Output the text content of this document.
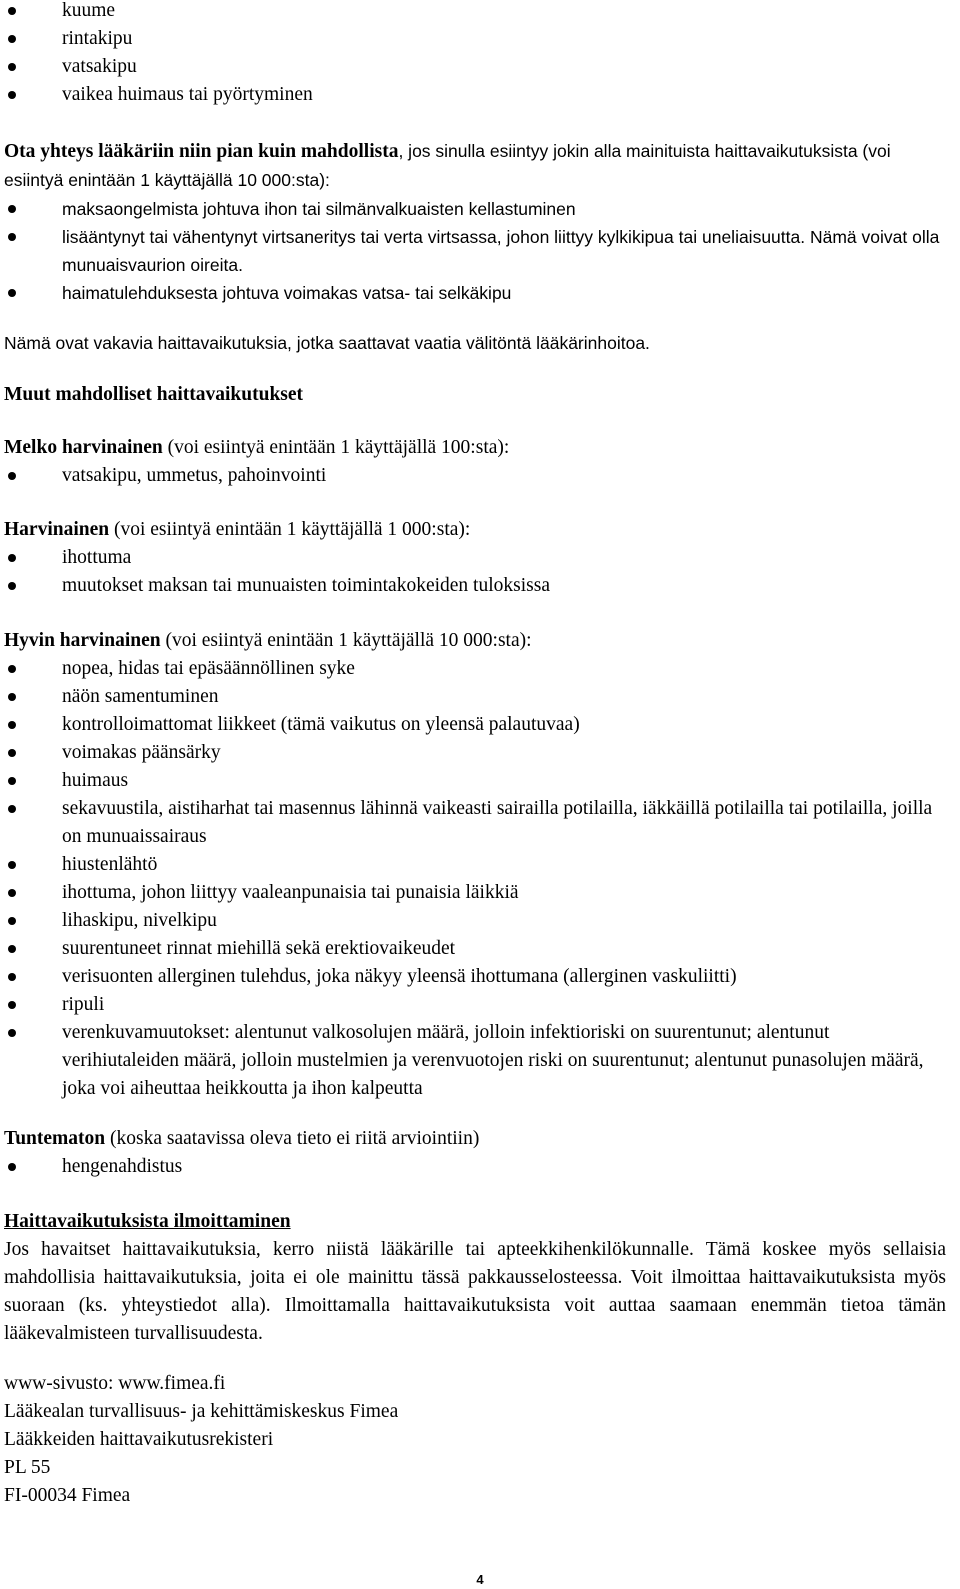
kuume
rintakipu
vatsakipu
vaikea huimaus tai pyörtyminen

Ota yhteys lääkäriin niin pian kuin mahdollista, jos sinulla esiintyy jokin alla mainituista haittavaikutuksista (voi esiintyä enintään 1 käyttäjällä 10 000:sta):

maksaongelmista johtuva ihon tai silmänvalkuaisten kellastuminen
lisääntynyt tai vähentynyt virtsaneritys tai verta virtsassa, johon liittyy kylkikipua tai uneliaisuutta. Nämä voivat olla munuaisvaurion oireita.
haimatulehduksesta johtuva voimakas vatsa- tai selkäkipu

Nämä ovat vakavia haittavaikutuksia, jotka saattavat vaatia välitöntä lääkärinhoitoa.

Muut mahdolliset haittavaikutukset

Melko harvinainen (voi esiintyä enintään 1 käyttäjällä 100:sta):

vatsakipu, ummetus, pahoinvointi

Harvinainen (voi esiintyä enintään 1 käyttäjällä 1 000:sta):

ihottuma
muutokset maksan tai munuaisten toimintakokeiden tuloksissa

Hyvin harvinainen (voi esiintyä enintään 1 käyttäjällä 10 000:sta):

nopea, hidas tai epäsäännöllinen syke
näön samentuminen
kontrolloimattomat liikkeet (tämä vaikutus on yleensä palautuvaa)
voimakas päänsärky
huimaus
sekavuustila, aistiharhat tai masennus lähinnä vaikeasti sairailla potilailla, iäkkäillä potilailla tai potilailla, joilla on munuaissairaus
hiustenlähtö
ihottuma, johon liittyy vaaleanpunaisia tai punaisia läikkiä
lihaskipu, nivelkipu
suurentuneet rinnat miehillä sekä erektiovaikeudet
verisuonten allerginen tulehdus, joka näkyy yleensä ihottumana (allerginen vaskuliitti)
ripuli
verenkuvamuutokset: alentunut valkosolujen määrä, jolloin infektioriski on suurentunut; alentunut verihiutaleiden määrä, jolloin mustelmien ja verenvuotojen riski on suurentunut; alentunut punasolujen määrä, joka voi aiheuttaa heikkoutta ja ihon kalpeutta

Tuntematon (koska saatavissa oleva tieto ei riitä arviointiin)

hengenahdistus

Haittavaikutuksista ilmoittaminen

Jos havaitset haittavaikutuksia, kerro niistä lääkärille tai apteekkihenkilökunnalle. Tämä koskee myös sellaisia mahdollisia haittavaikutuksia, joita ei ole mainittu tässä pakkausselosteessa. Voit ilmoittaa haittavaikutuksista myös suoraan (ks. yhteystiedot alla). Ilmoittamalla haittavaikutuksista voit auttaa saamaan enemmän tietoa tämän lääkevalmisteen turvallisuudesta.

www-sivusto: www.fimea.fi

Lääkealan turvallisuus- ja kehittämiskeskus Fimea

Lääkkeiden haittavaikutusrekisteri

PL 55

FI-00034 Fimea

4
